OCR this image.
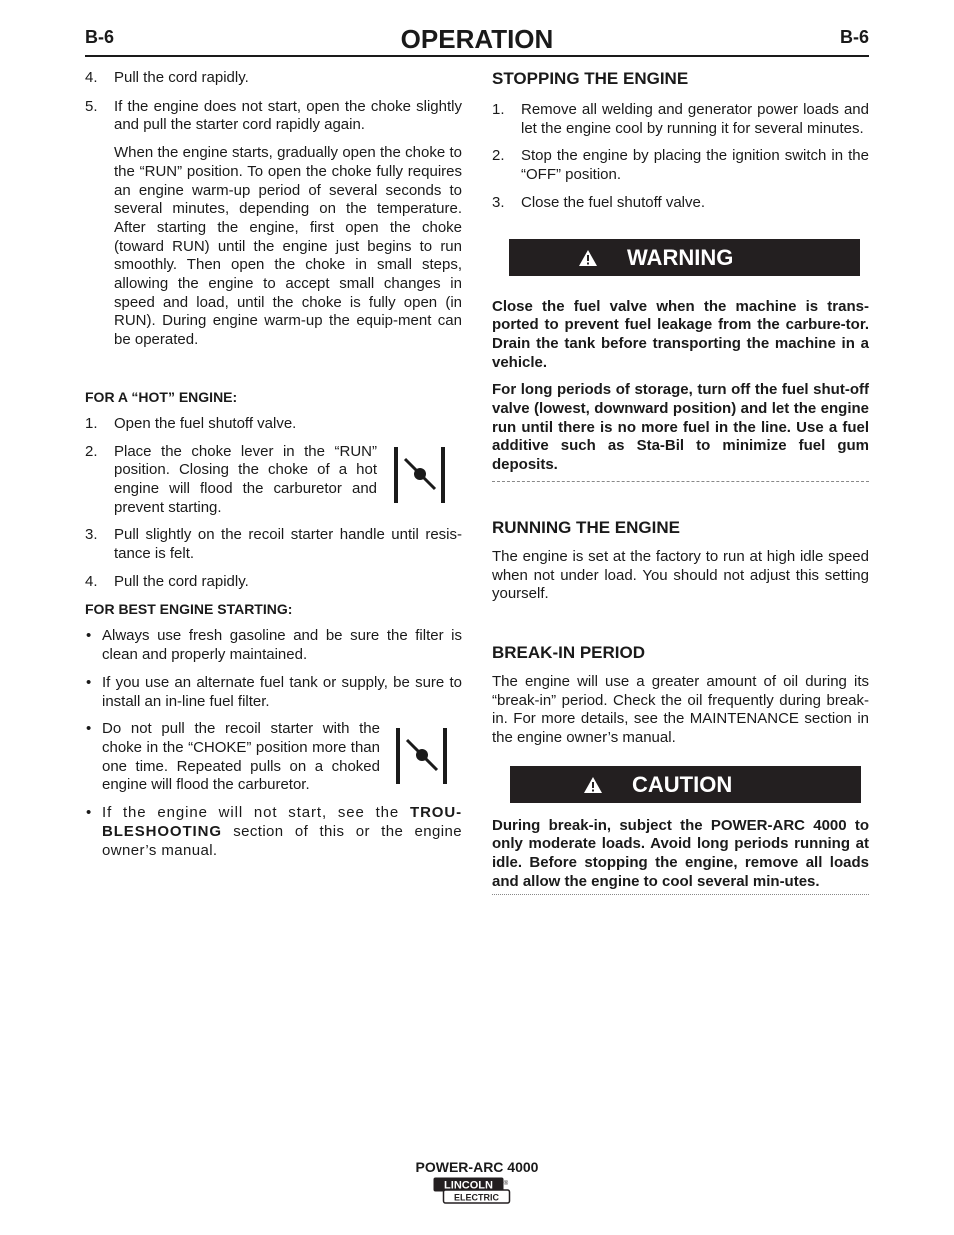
B-6	OPERATION	B-6
4. Pull the cord rapidly.
5. If the engine does not start, open the choke slightly and pull the starter cord rapidly again.
When the engine starts, gradually open the choke to the “RUN” position. To open the choke fully requires an engine warm-up period of several seconds to several minutes, depending on the temperature. After starting the engine, first open the choke (toward RUN) until the engine just begins to run smoothly. Then open the choke in small steps, allowing the engine to accept small changes in speed and load, until the choke is fully open (in RUN). During engine warm-up the equip-ment can be operated.
FOR A “HOT” ENGINE:
1. Open the fuel shutoff valve.
2. Place the choke lever in the “RUN” position. Closing the choke of a hot engine will flood the carburetor and prevent starting.
3. Pull slightly on the recoil starter handle until resis-tance is felt.
4. Pull the cord rapidly.
FOR BEST ENGINE STARTING:
• Always use fresh gasoline and be sure the filter is clean and properly maintained.
• If you use an alternate fuel tank or supply, be sure to install an in-line fuel filter.
• Do not pull the recoil starter with the choke in the “CHOKE” position more than one time. Repeated pulls on a choked engine will flood the carburetor.
• If the engine will not start, see the TROU-BLESHOOTING section of this or the engine owner’s manual.
STOPPING THE ENGINE
1. Remove all welding and generator power loads and let the engine cool by running it for several minutes.
2. Stop the engine by placing the ignition switch in the “OFF” position.
3. Close the fuel shutoff valve.
WARNING

Close the fuel valve when the machine is trans-ported to prevent fuel leakage from the carbure-tor. Drain the tank before transporting the machine in a vehicle.

For long periods of storage, turn off the fuel shut-off valve (lowest, downward position) and let the engine run until there is no more fuel in the line. Use a fuel additive such as Sta-Bil to minimize fuel gum deposits.

RUNNING THE ENGINE

The engine is set at the factory to run at high idle speed when not under load. You should not adjust this setting yourself.

BREAK-IN PERIOD

The engine will use a greater amount of oil during its “break-in” period. Check the oil frequently during break-in. For more details, see the MAINTENANCE section in the engine owner’s manual.

CAUTION

During break-in, subject the POWER-ARC 4000 to only moderate loads. Avoid long periods running at idle. Before stopping the engine, remove all loads and allow the engine to cool several min-utes.

POWER-ARC 4000
LINCOLN
ELECTRIC
®
